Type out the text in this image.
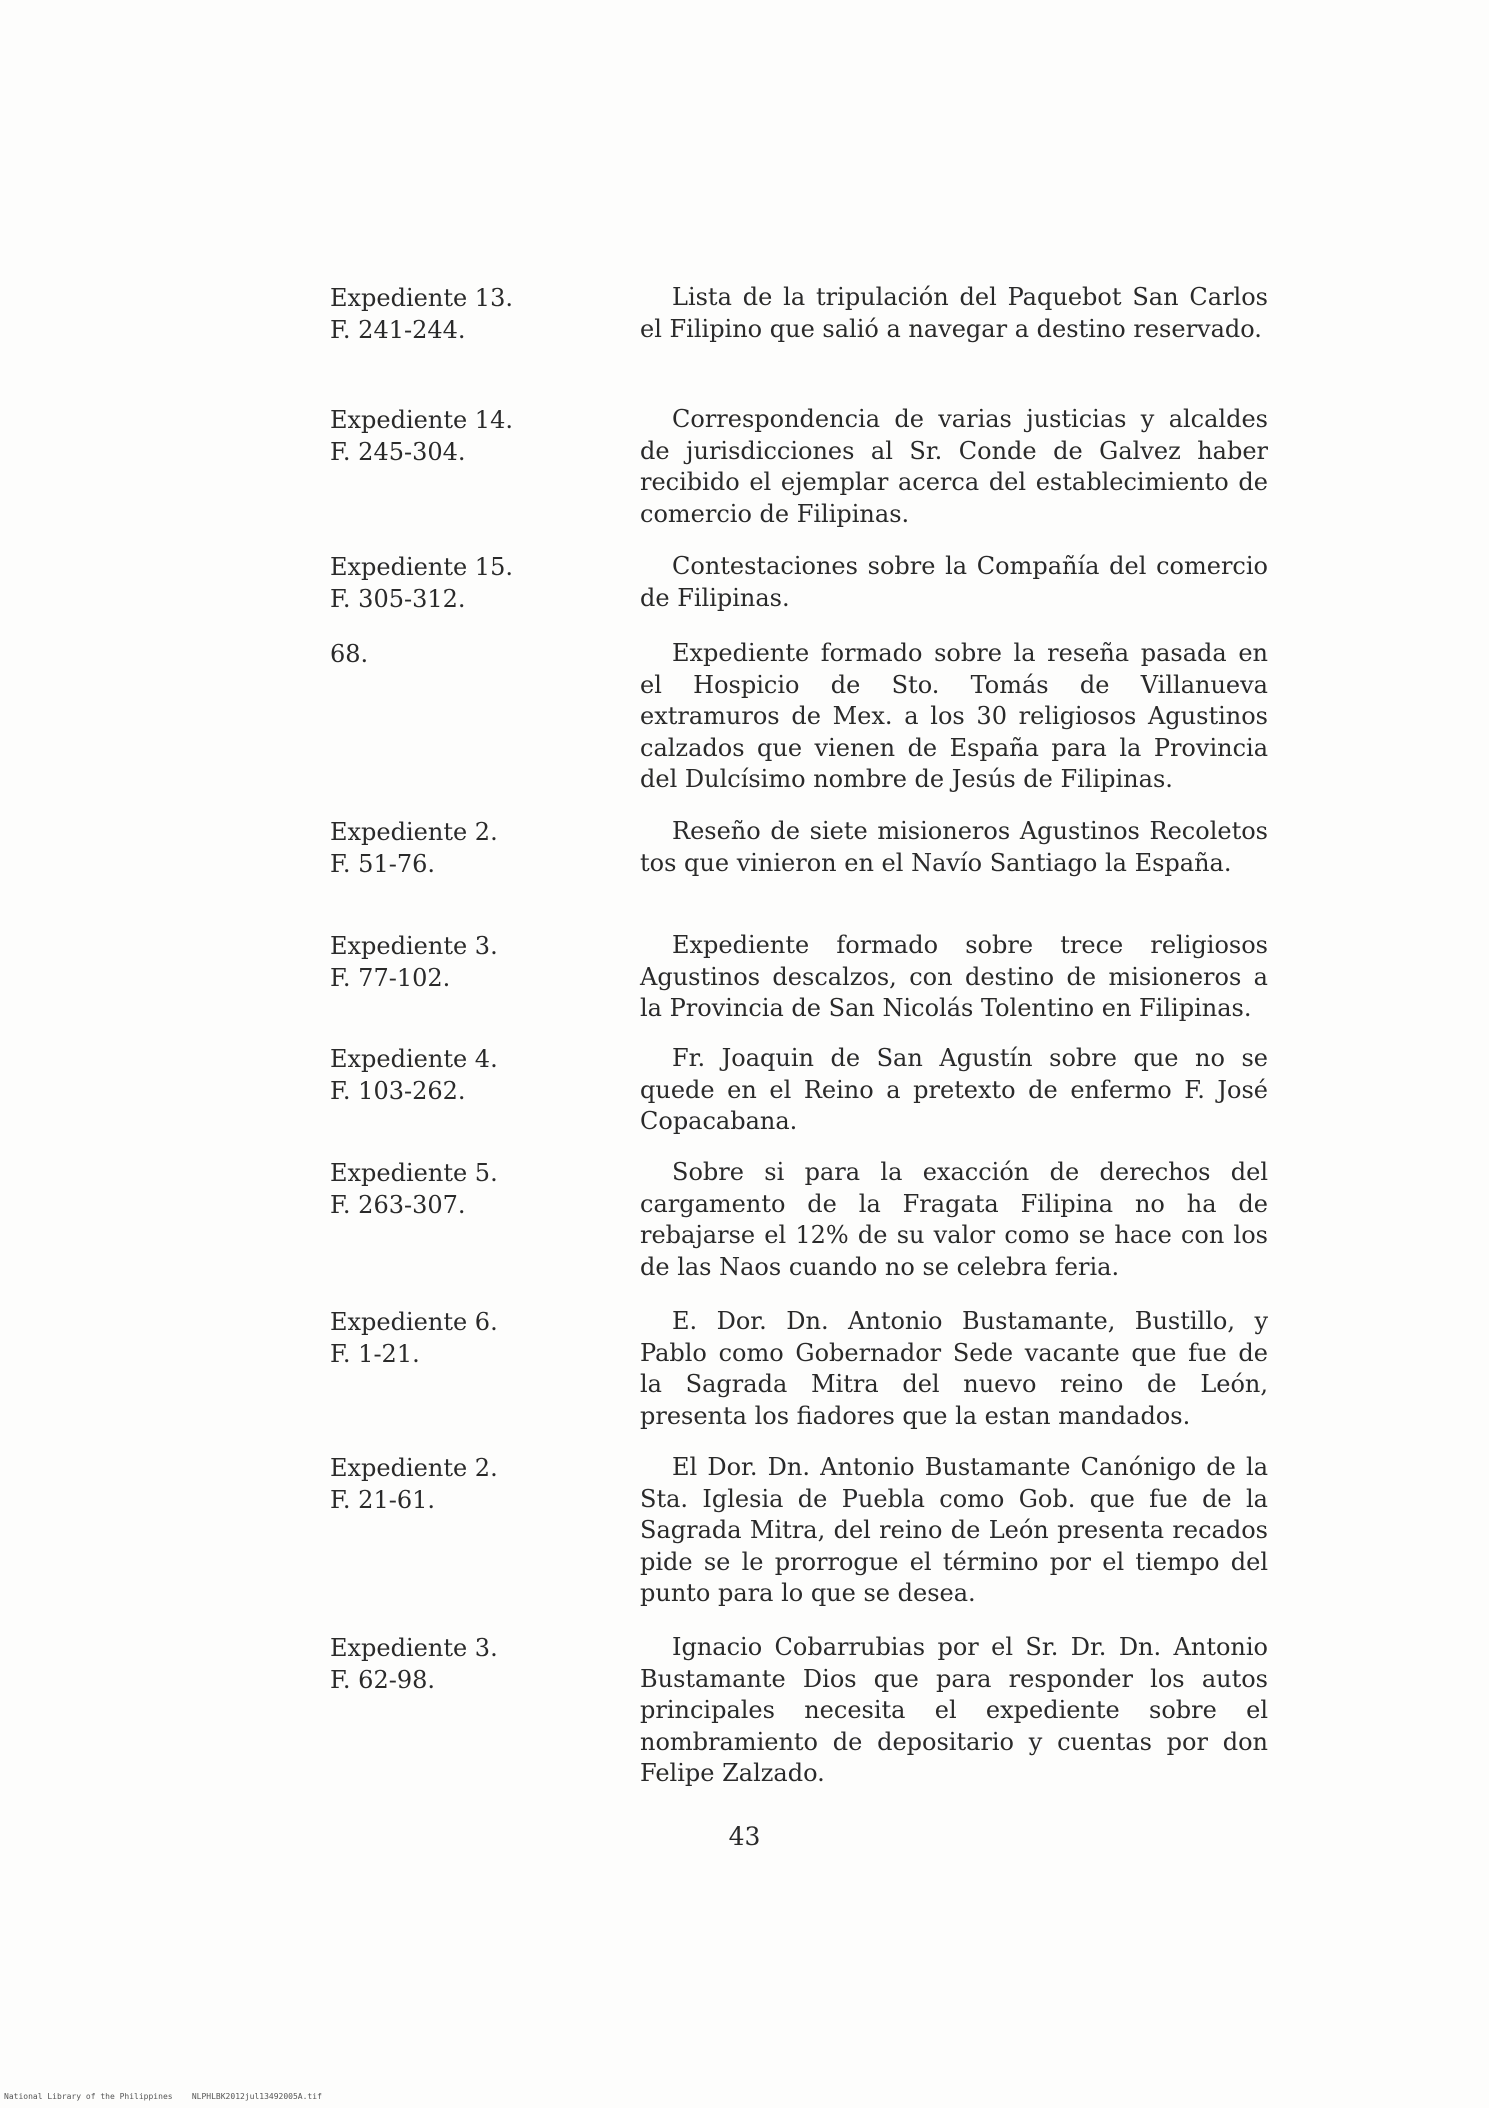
Expediente 13.
F. 241-244.
Lista de la tripulación del Paquebot San Carlos el Filipino que salió a navegar a destino reservado.
Expediente 14.
F. 245-304.
Correspondencia de varias justicias y alcaldes de jurisdicciones al Sr. Conde de Galvez haber recibido el ejemplar acerca del establecimiento de comercio de Filipinas.
Expediente 15.
F. 305-312.
Contestaciones sobre la Compañía del comercio de Filipinas.
68.	Expediente formado sobre la reseña pasada en el Hospicio de Sto. Tomás de Villanueva extramuros de Mex. a los 30 religiosos Agustinos calzados que vienen de España para la Provincia del Dulcísimo nombre de Jesús de Filipinas.
Expediente 2.
F. 51-76.
Reseño de siete misioneros Agustinos Recoletos tos que vinieron en el Navío Santiago la España.
Expediente 3.
F. 77-102.
Expediente formado sobre trece religiosos Agustinos descalzos, con destino de misioneros a la Provincia de San Nicolás Tolentino en Filipinas.
Expediente 4.
F. 103-262.
Fr. Joaquin de San Agustín sobre que no se quede en el Reino a pretexto de enfermo F. José Copacabana.
Expediente 5.
F. 263-307.
Sobre si para la exacción de derechos del cargamento de la Fragata Filipina no ha de rebajarse el 12% de su valor como se hace con los de las Naos cuando no se celebra feria.
Expediente 6.
F. 1-21.
E. Dor. Dn. Antonio Bustamante, Bustillo, y Pablo como Gobernador Sede vacante que fue de la Sagrada Mitra del nuevo reino de León, presenta los fiadores que la estan mandados.
Expediente 2.
F. 21-61.
El Dor. Dn. Antonio Bustamante Canónigo de la Sta. Iglesia de Puebla como Gob. que fue de la Sagrada Mitra, del reino de León presenta recados pide se le prorrogue el término por el tiempo del punto para lo que se desea.
Expediente 3.
F. 62-98.
Ignacio Cobarrubias por el Sr. Dr. Dn. Antonio Bustamante Dios que para responder los autos principales necesita el expediente sobre el nombramiento de depositario y cuentas por don Felipe Zalzado.
43
National Library of the Philippines    NLPHLBK2012jul13492005A.tif
